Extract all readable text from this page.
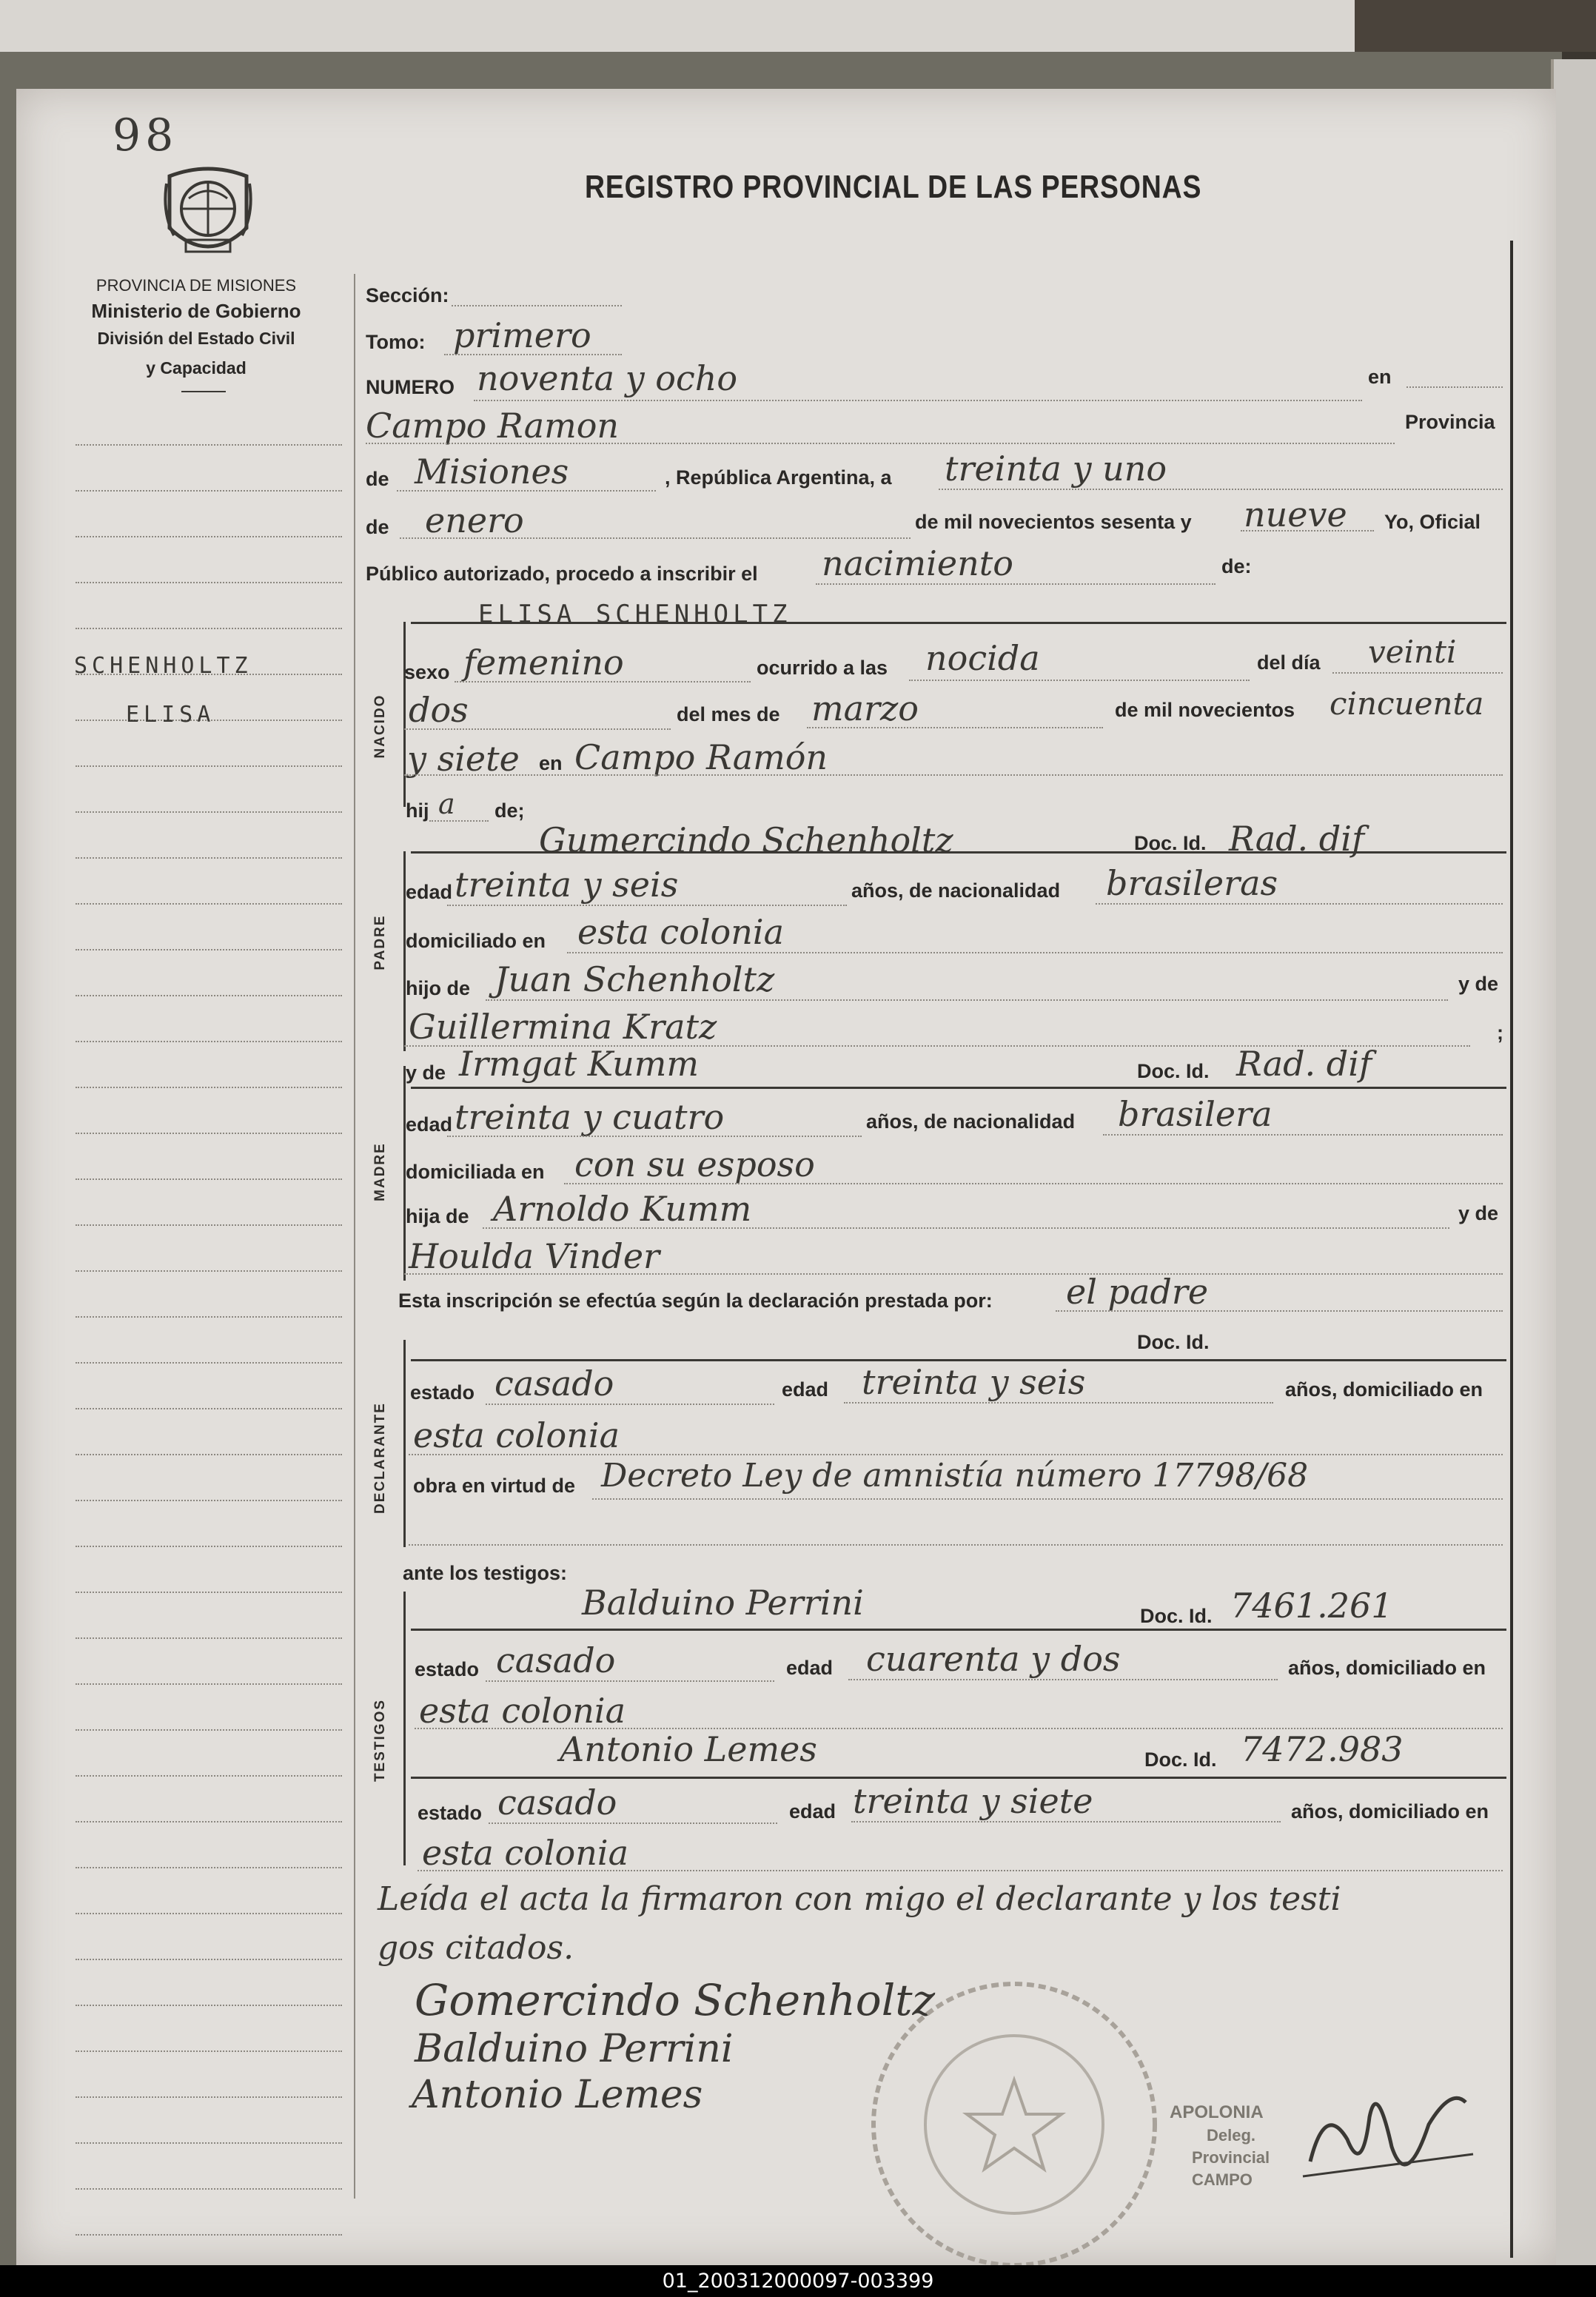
98
REGISTRO PROVINCIAL DE LAS PERSONAS
PROVINCIA DE MISIONES
Ministerio de Gobierno
División del Estado Civil
y Capacidad
SCHENHOLTZ
ELISA	NACIDO
PADRE
MADRE
DECLARANTE
TESTIGOS
Sección:
Tomo: primero
NUMERO noventa y ocho	en
Campo Ramon	Provincia
de Misiones	, República Argentina, a treinta y uno
de enero	de mil novecientos sesenta y nueve Yo, Oficial
Público autorizado, procedo a inscribir el nacimiento	de:
ELISA SCHENHOLTZ
sexo femenino	ocurrido a las nocida	del día veinti
dos	del mes de marzo	de mil novecientos cincuenta
y siete en Campo Ramón
hij a de;
Gumercindo Schenholtz	Doc. Id. Rad. dif
edad treinta y seis	años, de nacionalidad brasileras
domiciliado en esta colonia
hijo de Juan Schenholtz	y de
Guillermina Kratz	;
y de Irmgat Kumm	Doc. Id. Rad. dif
edad treinta y cuatro	años, de nacionalidad brasilera
domiciliada en con su esposo
hija de Arnoldo Kumm	y de
Houlda Vinder
Esta inscripción se efectúa según la declaración prestada por: el padre
Doc. Id.
estado casado	edad treinta y seis	años, domiciliado en
esta colonia
obra en virtud de Decreto Ley de amnistía número 17798/68
ante los testigos:
Balduino Perrini	Doc. Id. 7461.261
estado casado	edad cuarenta y dos	años, domiciliado en
esta colonia
Antonio Lemes	Doc. Id. 7472.983
estado casado	edad treinta y siete	años, domiciliado en
esta colonia
Leída el acta la firmaron con migo el declarante y los testi
gos citados.
Gomercindo Schenholtz
Balduino Perrini
Antonio Lemes	APOLONIA
Deleg.
Provincial
CAMPO
01_200312000097-003399
